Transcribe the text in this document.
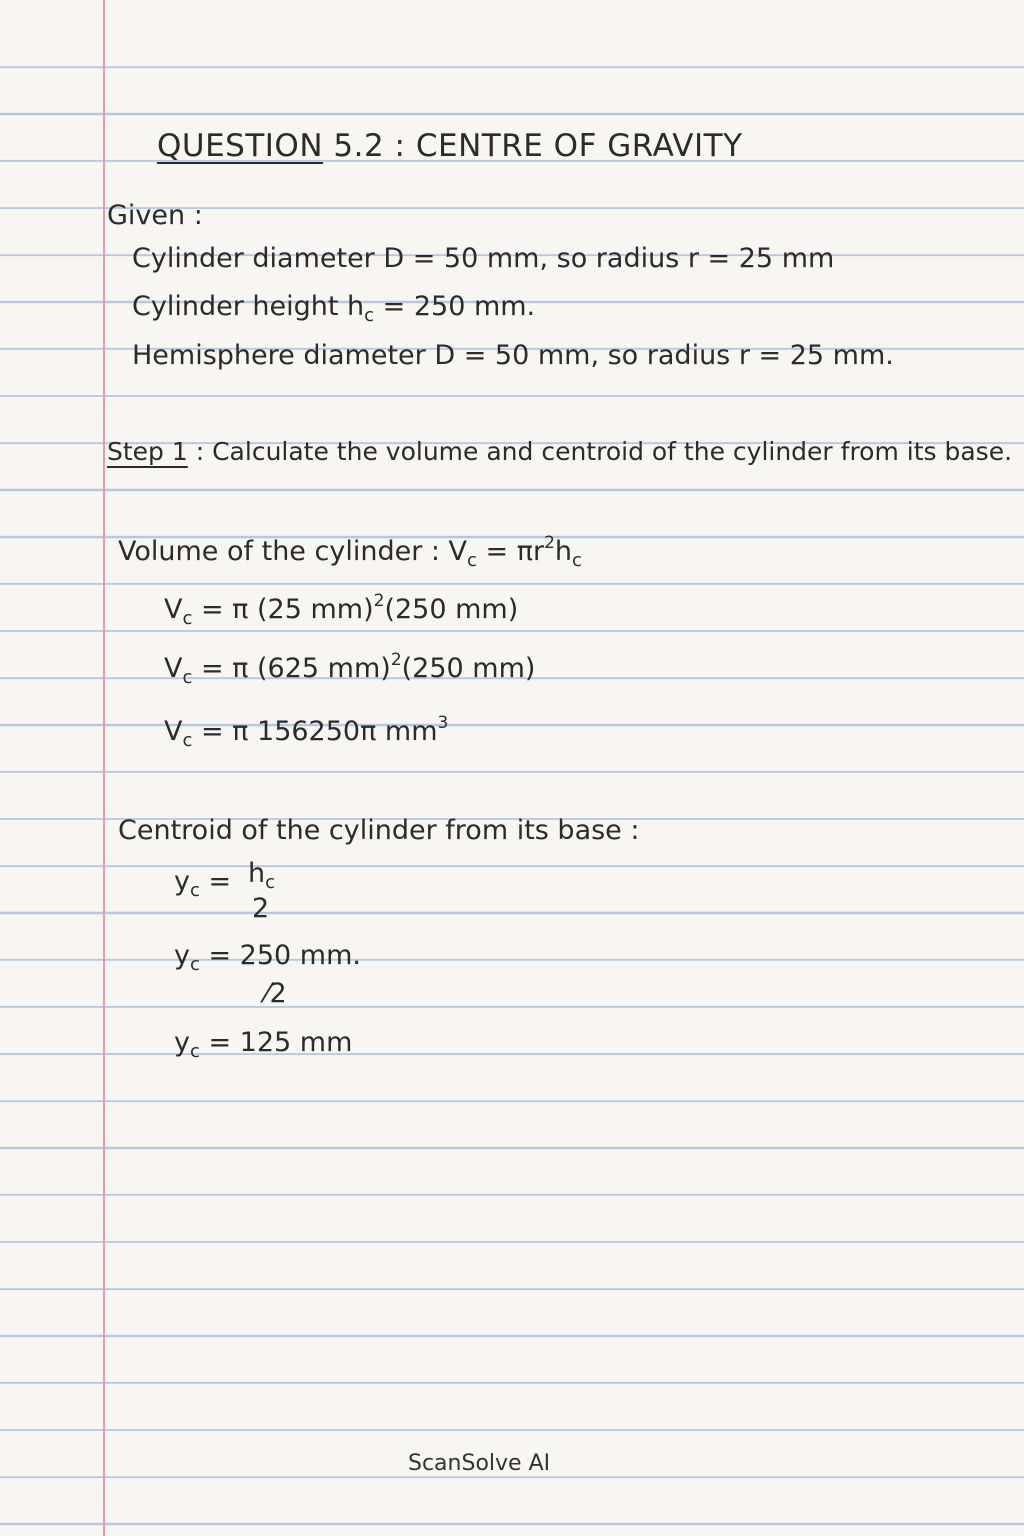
QUESTION 5.2 : CENTRE OF GRAVITY
Given :
Cylinder diameter D = 50 mm, so radius r = 25 mm
Cylinder height $h_c = 250$ mm.
Hemisphere diameter D = 50 mm, so radius r = 25 mm.
Step 1 : Calculate the volume and centroid of the cylinder from its base.
Volume of the cylinder : $V_c = \pi r^2h_c$
$V_c = \pi$ (25 mm)$^2$(250 mm)
$V_c = \pi$ (625 mm)$^2$(250 mm)
$V_c = \pi$ 156250π $mm^3$
Centroid of the cylinder from its base :
$y_c = h_c$
2
$y_c = 250$ mm.
⁄2
$y_c = 125$ mm
ScanSolve AI
